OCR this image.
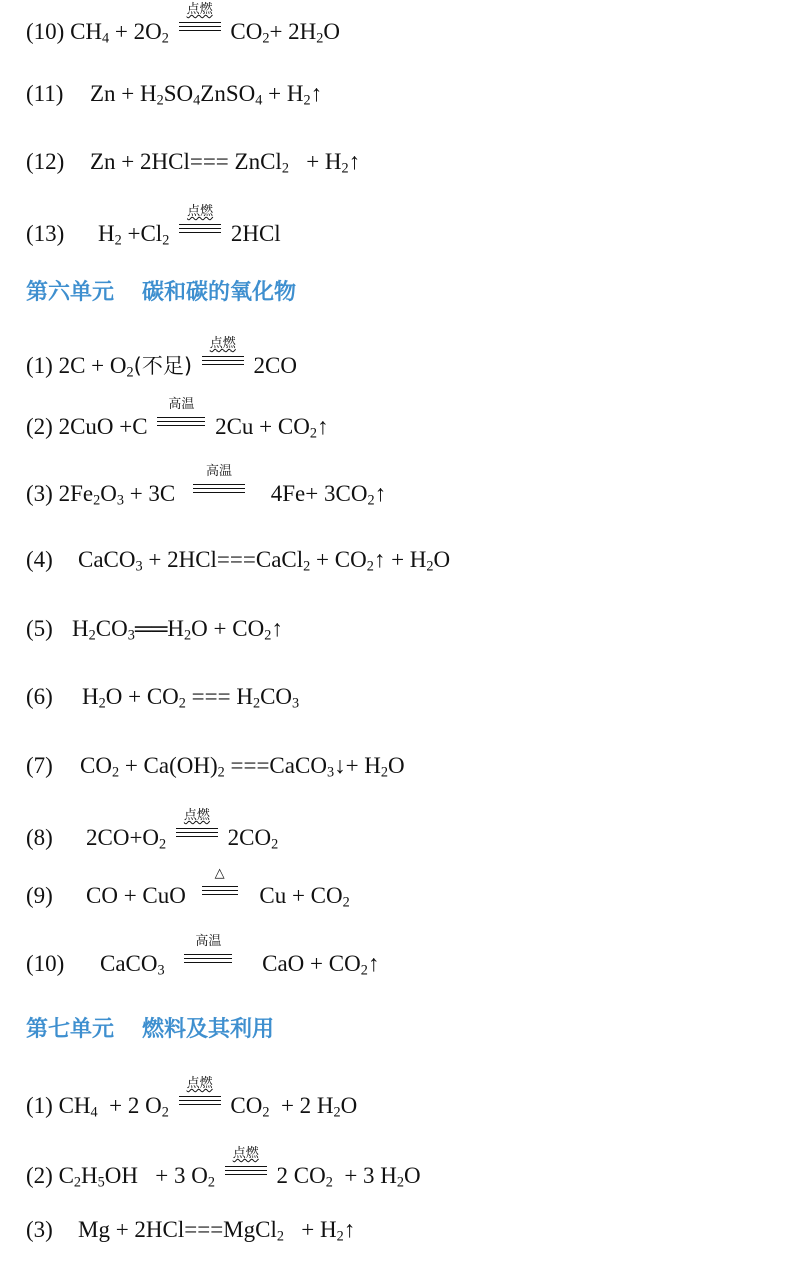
(10) $CH_4 + 2O_2$
点燃
$CO_2+ 2H_2O$
(11) $Zn + H_2SO_4ZnSO_4$ + $H_2↑$
(12) Zn + 2HCl=== ZnCl$_2$   + $H_2↑$
(13) $H_2 +Cl_2$
点燃
2HCl
第六单元 碳和碳的氧化物
(1) $2C + O_2$(不足)
点燃
2CO
(2) 2CuO +C
高温
$2Cu + CO_2↑$
(3) $2Fe_2O_3 + 3C$
高温
$4Fe+ 3CO_2↑$
(4) CaCO$_3$ + 2HCl===CaCl$_2$ + $CO_2↑ + H_2O$
(5) $H_2CO_3══H_2O$ + $CO_2↑$
(6) $H_2O + CO_2$ === $H_2CO_3$
(7) $CO_2 + Ca(OH)_2$ ===CaCO$_3$↓+ $H_2O$
(8) $2CO+O_2$
点燃
$2CO_2$
(9) CO + CuO
△
$Cu + CO_2$
(10) CaCO$_3$
高温
CaO + $CO_2↑$
第七单元 燃料及其利用
(1) $CH_4 + 2$ $O_2$
点燃
$CO_2 + 2$ $H_2O$
(2) $C_2H_5OH + 3$ $O_2$
点燃
2 $CO_2 + 3$ $H_2O$
(3) Mg + 2HCl===MgCl$_2$   + $H_2↑$
